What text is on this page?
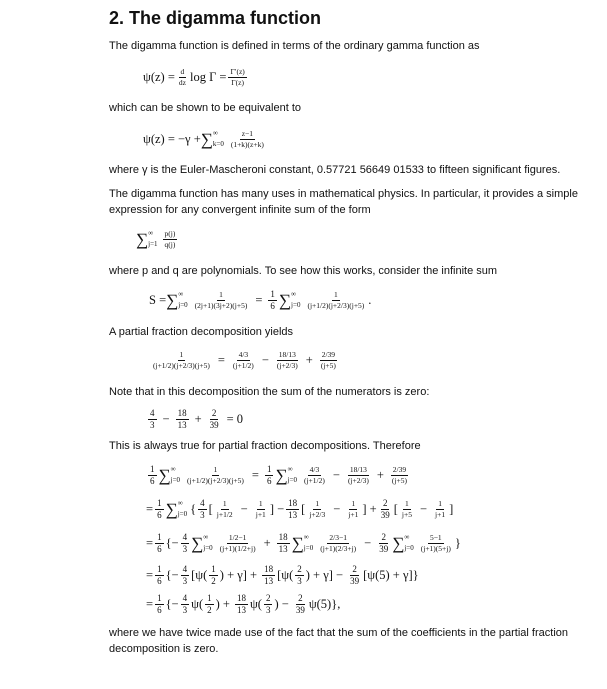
2. The digamma function
The digamma function is defined in terms of the ordinary gamma function as
$\psi(z) = \frac{d}{dz}$ $\log \Gamma = \frac{\Gamma'(z)}{\Gamma(z)}$
which can be shown to be equivalent to
ψ(z) = −γ + ∑ ∞
$k=0 \frac{z-1}{(1+k)(z+k)}$
where γ is the Euler-Mascheroni constant, 0.57721 56649 01533 to fifteen significant figures.
The digamma function has many uses in mathematical physics. In particular, it provides a simple expression for any convergent infinite sum of the form
∑ ∞
$j=1 \frac{p(j)}{q(j)}$
where p and q are polynomials. To see how this works, consider the infinite sum
S = ∑ ∞
$j=0 \frac{1}{(2j+1)(3j+2)(j+5)} = \frac{1}{6}$ ∑ ∞
$j=0 \frac{1}{(j+1/2)(j+2/3)(j+5)}$ .
A partial fraction decomposition yields
$\frac{1}{(j+1/2)(j+2/3)(j+5)} = \frac{4/3}{(j+1/2)} - \frac{18/13}{(j+2/3)} + \frac{2/39}{(j+5)}$
Note that in this decomposition the sum of the numerators is zero:
$\frac{4}{3} - \frac{18}{13} + \frac{2}{39} = 0$
This is always true for partial fraction decompositions. Therefore
$\frac{1}{6}$ ∑ ∞
$j=0 \frac{1}{(j+1/2)(j+2/3)(j+5)} = \frac{1}{6}$ ∑ ∞
$j=0 \frac{4/3}{(j+1/2)} - \frac{18/13}{(j+2/3)} + \frac{2/39}{(j+5)}$
= $\frac{1}{6}$ ∑ ∞
j=0 { $\frac{4}{3}$ [ $\frac{1}{j+1/2} - \frac{1}{j+1}$ ] − $\frac{18}{13}$ [ $\frac{1}{j+2/3} - \frac{1}{j+1}$ ] + $\frac{2}{39}$ [ $\frac{1}{j+5} - \frac{1}{j+1}$ ]
= $\frac{1}{6}$ {− $\frac{4}{3}$ ∑ ∞
$j=0 \frac{1/2-1}{(j+1)(1/2+j)} + \frac{18}{13}$ ∑ ∞
$j=0 \frac{2/3-1}{(j+1)(2/3+j)} - \frac{2}{39}$ ∑ ∞
$j=0 \frac{5-1}{(j+1)(5+j)}$ }
= $\frac{1}{6}$ {− $\frac{4}{3} [\psi( \frac{1}{2}$ ) + $\gamma] + \frac{18}{13} [\psi( \frac{2}{3}$ ) + $\gamma] - \frac{2}{39} [\psi(5) + \gamma]$}
= $\frac{1}{6}$ {− $\frac{4}{3} \psi( \frac{1}{2}$ ) + $\frac{18}{13} \psi( \frac{2}{3}$ ) − $\frac{2}{39} \psi(5)$},
where we have twice made use of the fact that the sum of the coefficients in the partial fraction decomposition is zero.
